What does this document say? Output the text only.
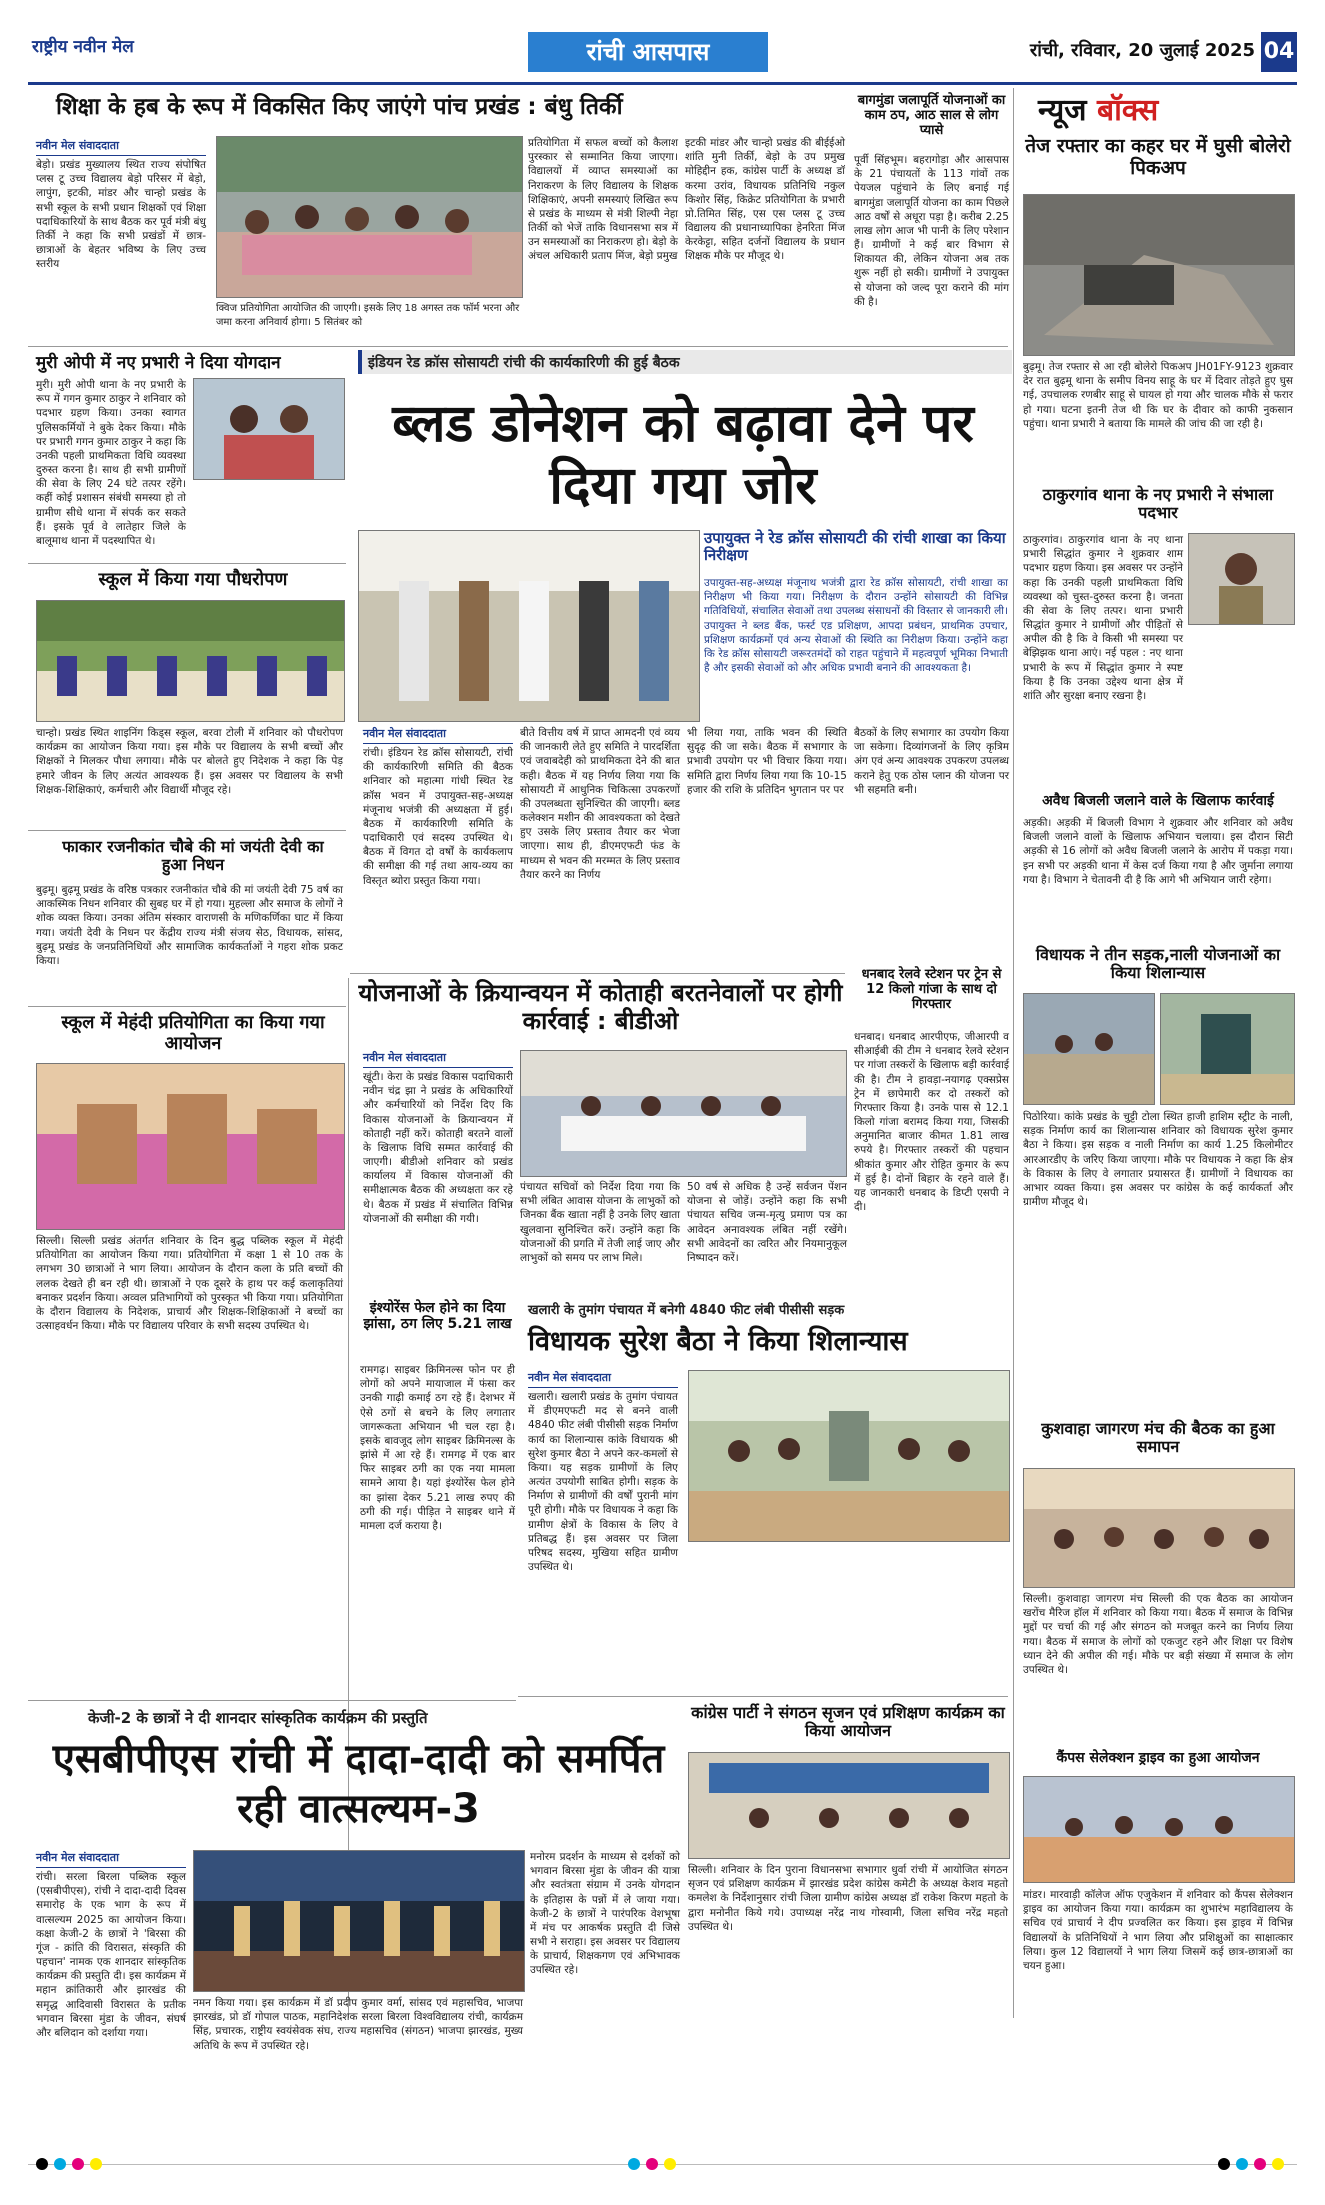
राष्ट्रीय नवीन मेल	रांची आसपास	रांची, रविवार, 20 जुलाई 2025 04
शिक्षा के हब के रूप में विकसित किए जाएंगे पांच प्रखंड : बंधु तिर्की
नवीन मेल संवाददाता
बेड़ो। प्रखंड मुख्यालय स्थित राज्य संपोषित प्लस टू उच्च विद्यालय बेड़ो परिसर में बेड़ो, लापुंग, इटकी, मांडर और चान्हो प्रखंड के सभी स्कूल के सभी प्रधान शिक्षकों एवं शिक्षा पदाधिकारियों के साथ बैठक कर पूर्व मंत्री बंधु तिर्की ने कहा कि सभी प्रखंडों में छात्र-छात्राओं के बेहतर भविष्य के लिए उच्च स्तरीय
क्विज प्रतियोगिता आयोजित की जाएगी। इसके लिए 18 अगस्त तक फॉर्म भरना और जमा करना अनिवार्य होगा। 5 सितंबर को
प्रतियोगिता में सफल बच्चों को कैलाश पुरस्कार से सम्मानित किया जाएगा। विद्यालयों में व्याप्त समस्याओं का निराकरण के लिए विद्यालय के शिक्षक शिक्षिकाएं, अपनी समस्याएं लिखित रूप से प्रखंड के माध्यम से मंत्री शिल्पी नेहा तिर्की को भेजें ताकि विधानसभा सत्र में उन समस्याओं का निराकरण हो। बेड़ो के अंचल अधिकारी प्रताप मिंज, बेड़ो प्रमुख
इटकी मांडर और चान्हो प्रखंड की बीईईओ शांति मुनी तिर्की, बेड़ो के उप प्रमुख मोहिद्दीन हक, कांग्रेस पार्टी के अध्यक्ष डॉ करमा उरांव, विधायक प्रतिनिधि नकुल किशोर सिंह, किक्रेट प्रतियोगिता के प्रभारी प्रो.तिमित सिंह, एस एस प्लस टू उच्च विद्यालय की प्रधानाध्यापिका हेनरिता मिंज केरकेट्टा, सहित दर्जनों विद्यालय के प्रधान शिक्षक मौके पर मौजूद थे।
बागमुंडा जलापूर्ति योजनाओं का काम ठप, आठ साल से लोग प्यासे
पूर्वी सिंहभूम। बहरागोड़ा और आसपास के 21 पंचायतों के 113 गांवों तक पेयजल पहुंचाने के लिए बनाई गई बागमुंडा जलापूर्ति योजना का काम पिछले आठ वर्षों से अधूरा पड़ा है। करीब 2.25 लाख लोग आज भी पानी के लिए परेशान हैं। ग्रामीणों ने कई बार विभाग से शिकायत की, लेकिन योजना अब तक शुरू नहीं हो सकी। ग्रामीणों ने उपायुक्त से योजना को जल्द पूरा कराने की मांग की है।
न्यूज बॉक्स
तेज रफ्तार का कहर घर में घुसी बोलेरो पिकअप
बुढ़मू। तेज रफ्तार से आ रही बोलेरो पिकअप JH01FY-9123 शुक्रवार देर रात बुढ़मू थाना के समीप विनय साहू के घर में दिवार तोड़ते हुए घुस गई, उपचालक रणबीर साहू से घायल हो गया और चालक मौके से फरार हो गया। घटना इतनी तेज थी कि घर के दीवार को काफी नुकसान पहुंचा। थाना प्रभारी ने बताया कि मामले की जांच की जा रही है।
ठाकुरगांव थाना के नए प्रभारी ने संभाला पदभार
ठाकुरगांव। ठाकुरगांव थाना के नए थाना प्रभारी सिद्धांत कुमार ने शुक्रवार शाम पदभार ग्रहण किया। इस अवसर पर उन्होंने कहा कि उनकी पहली प्राथमिकता विधि व्यवस्था को चुस्त-दुरुस्त करना है। जनता की सेवा के लिए तत्पर। थाना प्रभारी सिद्धांत कुमार ने ग्रामीणों और पीड़ितों से अपील की है कि वे किसी भी समस्या पर बेझिझक थाना आएं। नई पहल : नए थाना प्रभारी के रूप में सिद्धांत कुमार ने स्पष्ट किया है कि उनका उद्देश्य थाना क्षेत्र में शांति और सुरक्षा बनाए रखना है।
अवैध बिजली जलाने वाले के खिलाफ कार्रवाई
अड़की। अड़की में बिजली विभाग ने शुक्रवार और शनिवार को अवैध बिजली जलाने वालों के खिलाफ अभियान चलाया। इस दौरान सिटी अड़की से 16 लोगों को अवैध बिजली जलाने के आरोप में पकड़ा गया। इन सभी पर अड़की थाना में केस दर्ज किया गया है और जुर्माना लगाया गया है। विभाग ने चेतावनी दी है कि आगे भी अभियान जारी रहेगा।
विधायक ने तीन सड़क,नाली योजनाओं का किया शिलान्यास
पिठोरिया। कांके प्रखंड के चुट्टी टोला स्थित हाजी हाशिम स्ट्रीट के नाली, सड़क निर्माण कार्य का शिलान्यास शनिवार को विधायक सुरेश कुमार बैठा ने किया। इस सड़क व नाली निर्माण का कार्य 1.25 किलोमीटर आरआरडीए के जरिए किया जाएगा। मौके पर विधायक ने कहा कि क्षेत्र के विकास के लिए वे लगातार प्रयासरत हैं। ग्रामीणों ने विधायक का आभार व्यक्त किया। इस अवसर पर कांग्रेस के कई कार्यकर्ता और ग्रामीण मौजूद थे।
कुशवाहा जागरण मंच की बैठक का हुआ समापन
सिल्ली। कुशवाहा जागरण मंच सिल्ली की एक बैठक का आयोजन खरोंच मैरिज हॉल में शनिवार को किया गया। बैठक में समाज के विभिन्न मुद्दों पर चर्चा की गई और संगठन को मजबूत करने का निर्णय लिया गया। बैठक में समाज के लोगों को एकजुट रहने और शिक्षा पर विशेष ध्यान देने की अपील की गई। मौके पर बड़ी संख्या में समाज के लोग उपस्थित थे।
कैंपस सेलेक्शन ड्राइव का हुआ आयोजन
मांडर। मारवाड़ी कॉलेज ऑफ एजुकेशन में शनिवार को कैंपस सेलेक्शन ड्राइव का आयोजन किया गया। कार्यक्रम का शुभारंभ महाविद्यालय के सचिव एवं प्राचार्य ने दीप प्रज्वलित कर किया। इस ड्राइव में विभिन्न विद्यालयों के प्रतिनिधियों ने भाग लिया और प्रशिक्षुओं का साक्षात्कार लिया। कुल 12 विद्यालयों ने भाग लिया जिसमें कई छात्र-छात्राओं का चयन हुआ।
मुरी ओपी में नए प्रभारी ने दिया योगदान
मुरी। मुरी ओपी थाना के नए प्रभारी के रूप में गगन कुमार ठाकुर ने शनिवार को पदभार ग्रहण किया। उनका स्वागत पुलिसकर्मियों ने बुके देकर किया। मौके पर प्रभारी गगन कुमार ठाकुर ने कहा कि उनकी पहली प्राथमिकता विधि व्यवस्था दुरुस्त करना है। साथ ही सभी ग्रामीणों की सेवा के लिए 24 घंटे तत्पर रहेंगे। कहीं कोई प्रशासन संबंधी समस्या हो तो ग्रामीण सीधे थाना में संपर्क कर सकते हैं। इसके पूर्व वे लातेहार जिले के बालूमाथ थाना में पदस्थापित थे।
स्कूल में किया गया पौधरोपण
चान्हो। प्रखंड स्थित शाइनिंग किड्स स्कूल, बरवा टोली में शनिवार को पौधरोपण कार्यक्रम का आयोजन किया गया। इस मौके पर विद्यालय के सभी बच्चों और शिक्षकों ने मिलकर पौधा लगाया। मौके पर बोलते हुए निदेशक ने कहा कि पेड़ हमारे जीवन के लिए अत्यंत आवश्यक हैं। इस अवसर पर विद्यालय के सभी शिक्षक-शिक्षिकाएं, कर्मचारी और विद्यार्थी मौजूद रहे।
फाकार रजनीकांत चौबे की मां जयंती देवी का हुआ निधन
बुढ़मू। बुढ़मू प्रखंड के वरिष्ठ पत्रकार रजनीकांत चौबे की मां जयंती देवी 75 वर्ष का आकस्मिक निधन शनिवार की सुबह घर में हो गया। मुहल्ला और समाज के लोगों ने शोक व्यक्त किया। उनका अंतिम संस्कार वाराणसी के मणिकर्णिका घाट में किया गया। जयंती देवी के निधन पर केंद्रीय राज्य मंत्री संजय सेठ, विधायक, सांसद, बुढ़मू प्रखंड के जनप्रतिनिधियों और सामाजिक कार्यकर्ताओं ने गहरा शोक प्रकट किया।
स्कूल में मेहंदी प्रतियोगिता का किया गया आयोजन
सिल्ली। सिल्ली प्रखंड अंतर्गत शनिवार के दिन बुद्ध पब्लिक स्कूल में मेहंदी प्रतियोगिता का आयोजन किया गया। प्रतियोगिता में कक्षा 1 से 10 तक के लगभग 30 छात्राओं ने भाग लिया। आयोजन के दौरान कला के प्रति बच्चों की ललक देखते ही बन रही थी। छात्राओं ने एक दूसरे के हाथ पर कई कलाकृतियां बनाकर प्रदर्शन किया। अव्वल प्रतिभागियों को पुरस्कृत भी किया गया। प्रतियोगिता के दौरान विद्यालय के निदेशक, प्राचार्य और शिक्षक-शिक्षिकाओं ने बच्चों का उत्साहवर्धन किया। मौके पर विद्यालय परिवार के सभी सदस्य उपस्थित थे।
इंडियन रेड क्रॉस सोसायटी रांची की कार्यकारिणी की हुई बैठक
ब्लड डोनेशन को बढ़ावा देने पर दिया गया जोर
उपायुक्त ने रेड क्रॉस सोसायटी की रांची शाखा का किया निरीक्षण
उपायुक्त-सह-अध्यक्ष मंजूनाथ भजंत्री द्वारा रेड क्रॉस सोसायटी, रांची शाखा का निरीक्षण भी किया गया। निरीक्षण के दौरान उन्होंने सोसायटी की विभिन्न गतिविधियों, संचालित सेवाओं तथा उपलब्ध संसाधनों की विस्तार से जानकारी ली। उपायुक्त ने ब्लड बैंक, फर्स्ट एड प्रशिक्षण, आपदा प्रबंधन, प्राथमिक उपचार, प्रशिक्षण कार्यक्रमों एवं अन्य सेवाओं की स्थिति का निरीक्षण किया। उन्होंने कहा कि रेड क्रॉस सोसायटी जरूरतमंदों को राहत पहुंचाने में महत्वपूर्ण भूमिका निभाती है और इसकी सेवाओं को और अधिक प्रभावी बनाने की आवश्यकता है।
नवीन मेल संवाददाता
रांची। इंडियन रेड क्रॉस सोसायटी, रांची की कार्यकारिणी समिति की बैठक शनिवार को महात्मा गांधी स्थित रेड क्रॉस भवन में उपायुक्त-सह-अध्यक्ष मंजूनाथ भजंत्री की अध्यक्षता में हुई। बैठक में कार्यकारिणी समिति के पदाधिकारी एवं सदस्य उपस्थित थे। बैठक में विगत दो वर्षों के कार्यकलाप की समीक्षा की गई तथा आय-व्यय का विस्तृत ब्योरा प्रस्तुत किया गया।
बीते वित्तीय वर्ष में प्राप्त आमदनी एवं व्यय की जानकारी लेते हुए समिति ने पारदर्शिता एवं जवाबदेही को प्राथमिकता देने की बात कही। बैठक में यह निर्णय लिया गया कि सोसायटी में आधुनिक चिकित्सा उपकरणों की उपलब्धता सुनिश्चित की जाएगी। ब्लड कलेक्शन मशीन की आवश्यकता को देखते हुए उसके लिए प्रस्ताव तैयार कर भेजा जाएगा। साथ ही, डीएमएफटी फंड के माध्यम से भवन की मरम्मत के लिए प्रस्ताव तैयार करने का निर्णय
भी लिया गया, ताकि भवन की स्थिति सुदृढ़ की जा सके। बैठक में सभागार के प्रभावी उपयोग पर भी विचार किया गया। समिति द्वारा निर्णय लिया गया कि 10-15 हजार की राशि के प्रतिदिन भुगतान पर पर
बैठकों के लिए सभागार का उपयोग किया जा सकेगा। दिव्यांगजनों के लिए कृत्रिम अंग एवं अन्य आवश्यक उपकरण उपलब्ध कराने हेतु एक ठोस प्लान की योजना पर भी सहमति बनी।
योजनाओं के क्रियान्वयन में कोताही बरतनेवालों पर होगी कार्रवाई : बीडीओ
नवीन मेल संवाददाता
खूंटी। केरा के प्रखंड विकास पदाधिकारी नवीन चंद्र झा ने प्रखंड के अधिकारियों और कर्मचारियों को निर्देश दिए कि विकास योजनाओं के क्रियान्वयन में कोताही नहीं करें। कोताही बरतने वालों के खिलाफ विधि सम्मत कार्रवाई की जाएगी। बीडीओ शनिवार को प्रखंड कार्यालय में विकास योजनाओं की समीक्षात्मक बैठक की अध्यक्षता कर रहे थे। बैठक में प्रखंड में संचालित विभिन्न योजनाओं की समीक्षा की गयी।
पंचायत सचिवों को निर्देश दिया गया कि सभी लंबित आवास योजना के लाभुकों को जिनका बैंक खाता नहीं है उनके लिए खाता खुलवाना सुनिश्चित करें। उन्होंने कहा कि योजनाओं की प्रगति में तेजी लाई जाए और लाभुकों को समय पर लाभ मिले।
50 वर्ष से अधिक है उन्हें सर्वजन पेंशन योजना से जोड़ें। उन्होंने कहा कि सभी पंचायत सचिव जन्म-मृत्यु प्रमाण पत्र का आवेदन अनावश्यक लंबित नहीं रखेंगे। सभी आवेदनों का त्वरित और नियमानुकूल निष्पादन करें।
धनबाद रेलवे स्टेशन पर ट्रेन से 12 किलो गांजा के साथ दो गिरफ्तार
धनबाद। धनबाद आरपीएफ, जीआरपी व सीआईबी की टीम ने धनबाद रेलवे स्टेशन पर गांजा तस्करों के खिलाफ बड़ी कार्रवाई की है। टीम ने हावड़ा-नयागढ़ एक्सप्रेस ट्रेन में छापेमारी कर दो तस्करों को गिरफ्तार किया है। उनके पास से 12.1 किलो गांजा बरामद किया गया, जिसकी अनुमानित बाजार कीमत 1.81 लाख रुपये है। गिरफ्तार तस्करों की पहचान श्रीकांत कुमार और रोहित कुमार के रूप में हुई है। दोनों बिहार के रहने वाले हैं। यह जानकारी धनबाद के डिप्टी एसपी ने दी।
इंश्योरेंस फेल होने का दिया झांसा, ठग लिए 5.21 लाख
रामगढ़। साइबर क्रिमिनल्स फोन पर ही लोगों को अपने मायाजाल में फंसा कर उनकी गाढ़ी कमाई ठग रहे हैं। देशभर में ऐसे ठगों से बचने के लिए लगातार जागरूकता अभियान भी चल रहा है। इसके बावजूद लोग साइबर क्रिमिनल्स के झांसे में आ रहे हैं। रामगढ़ में एक बार फिर साइबर ठगी का एक नया मामला सामने आया है। यहां इंश्योरेंस फेल होने का झांसा देकर 5.21 लाख रुपए की ठगी की गई। पीड़ित ने साइबर थाने में मामला दर्ज कराया है।
खलारी के तुमांग पंचायत में बनेगी 4840 फीट लंबी पीसीसी सड़क
विधायक सुरेश बैठा ने किया शिलान्यास
नवीन मेल संवाददाता
खलारी। खलारी प्रखंड के तुमांग पंचायत में डीएमएफटी मद से बनने वाली 4840 फीट लंबी पीसीसी सड़क निर्माण कार्य का शिलान्यास कांके विधायक श्री सुरेश कुमार बैठा ने अपने कर-कमलों से किया। यह सड़क ग्रामीणों के लिए अत्यंत उपयोगी साबित होगी। सड़क के निर्माण से ग्रामीणों की वर्षों पुरानी मांग पूरी होगी। मौके पर विधायक ने कहा कि ग्रामीण क्षेत्रों के विकास के लिए वे प्रतिबद्ध हैं। इस अवसर पर जिला परिषद सदस्य, मुखिया सहित ग्रामीण उपस्थित थे।
कांग्रेस पार्टी ने संगठन सृजन एवं प्रशिक्षण कार्यक्रम का किया आयोजन
सिल्ली। शनिवार के दिन पुराना विधानसभा सभागार धुर्वा रांची में आयोजित संगठन सृजन एवं प्रशिक्षण कार्यक्रम में झारखंड प्रदेश कांग्रेस कमेटी के अध्यक्ष केशव महतो कमलेश के निर्देशानुसार रांची जिला ग्रामीण कांग्रेस अध्यक्ष डॉ राकेश किरण महतो के द्वारा मनोनीत किये गये। उपाध्यक्ष नरेंद्र नाथ गोस्वामी, जिला सचिव नरेंद्र महतो उपस्थित थे।
केजी-2 के छात्रों ने दी शानदार सांस्कृतिक कार्यक्रम की प्रस्तुति
एसबीपीएस रांची में दादा-दादी को समर्पित रही वात्सल्यम-3
नवीन मेल संवाददाता
रांची। सरला बिरला पब्लिक स्कूल (एसबीपीएस), रांची ने दादा-दादी दिवस समारोह के एक भाग के रूप में वात्सल्यम 2025 का आयोजन किया। कक्षा केजी-2 के छात्रों ने 'बिरसा की गूंज - क्रांति की विरासत, संस्कृति की पहचान' नामक एक शानदार सांस्कृतिक कार्यक्रम की प्रस्तुति दी। इस कार्यक्रम में महान क्रांतिकारी और झारखंड की समृद्ध आदिवासी विरासत के प्रतीक भगवान बिरसा मुंडा के जीवन, संघर्ष और बलिदान को दर्शाया गया।
नमन किया गया। इस कार्यक्रम में डॉ प्रदीप कुमार वर्मा, सांसद एवं महासचिव, भाजपा झारखंड, प्रो डॉ गोपाल पाठक, महानिदेशक सरला बिरला विश्वविद्यालय रांची, कार्यक्रम सिंह, प्रचारक, राष्ट्रीय स्वयंसेवक संघ, राज्य महासचिव (संगठन) भाजपा झारखंड, मुख्य अतिथि के रूप में उपस्थित रहे।
मनोरम प्रदर्शन के माध्यम से दर्शकों को भगवान बिरसा मुंडा के जीवन की यात्रा और स्वतंत्रता संग्राम में उनके योगदान के इतिहास के पन्नों में ले जाया गया। केजी-2 के छात्रों ने पारंपरिक वेशभूषा में मंच पर आकर्षक प्रस्तुति दी जिसे सभी ने सराहा। इस अवसर पर विद्यालय के प्राचार्य, शिक्षकगण एवं अभिभावक उपस्थित रहे।
